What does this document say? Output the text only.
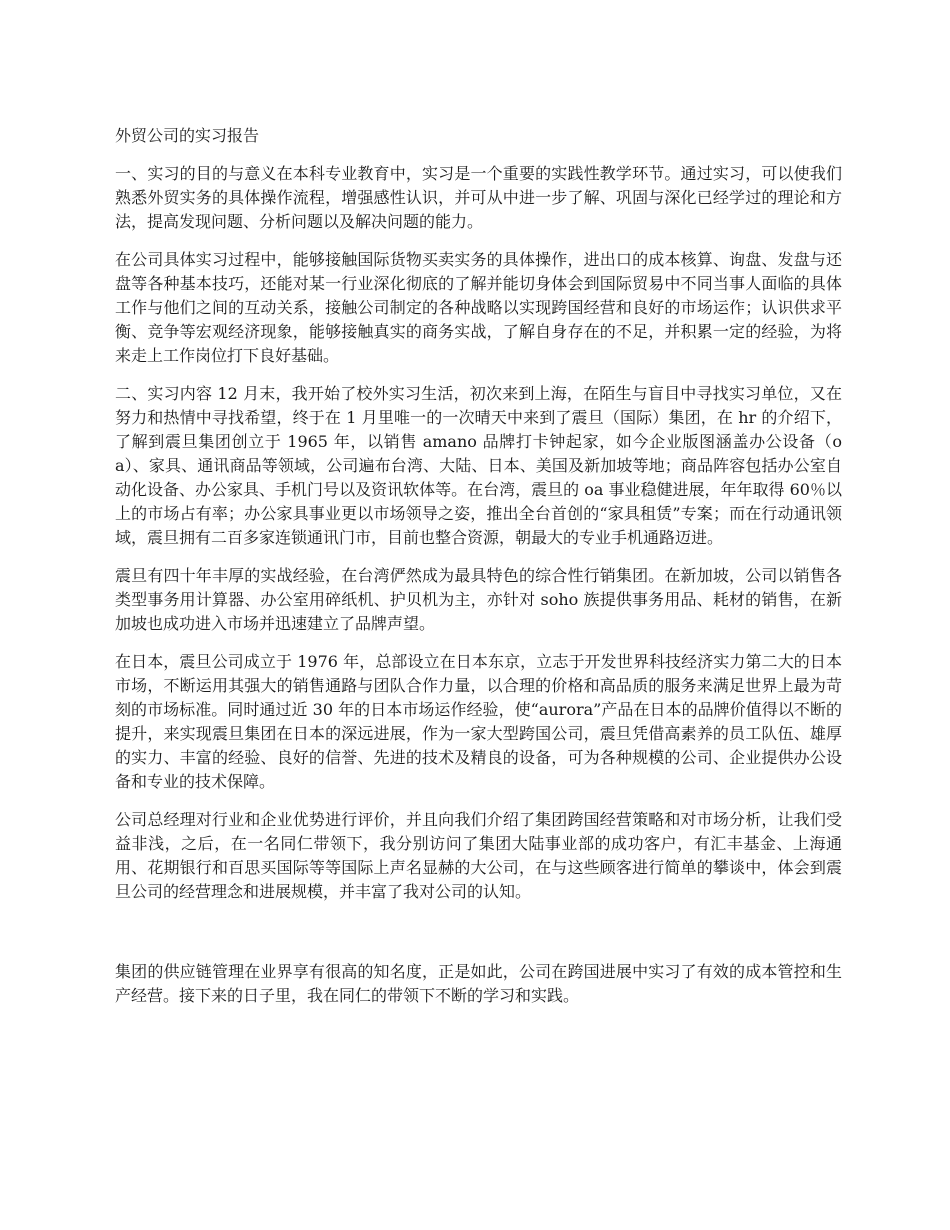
外贸公司的实习报告

一、实习的目的与意义在本科专业教育中，实习是一个重要的实践性教学环节。通过实习，可以使我们熟悉外贸实务的具体操作流程，增强感性认识，并可从中进一步了解、巩固与深化已经学过的理论和方法，提高发现问题、分析问题以及解决问题的能力。

在公司具体实习过程中，能够接触国际货物买卖实务的具体操作，进出口的成本核算、询盘、发盘与还盘等各种基本技巧，还能对某一行业深化彻底的了解并能切身体会到国际贸易中不同当事人面临的具体工作与他们之间的互动关系，接触公司制定的各种战略以实现跨国经营和良好的市场运作；认识供求平衡、竞争等宏观经济现象，能够接触真实的商务实战，了解自身存在的不足，并积累一定的经验，为将来走上工作岗位打下良好基础。

二、实习内容 12 月末，我开始了校外实习生活，初次来到上海，在陌生与盲目中寻找实习单位，又在努力和热情中寻找希望，终于在 1 月里唯一的一次晴天中来到了震旦（国际）集团，在 hr 的介绍下，了解到震旦集团创立于 1965 年，以销售 amano 品牌打卡钟起家，如今企业版图涵盖办公设备（oa）、家具、通讯商品等领域，公司遍布台湾、大陆、日本、美国及新加坡等地；商品阵容包括办公室自动化设备、办公家具、手机门号以及资讯软体等。在台湾，震旦的 oa 事业稳健进展，年年取得 60％以上的市场占有率；办公家具事业更以市场领导之姿，推出全台首创的“家具租赁”专案；而在行动通讯领域，震旦拥有二百多家连锁通讯门市，目前也整合资源，朝最大的专业手机通路迈进。

震旦有四十年丰厚的实战经验，在台湾俨然成为最具特色的综合性行销集团。在新加坡，公司以销售各类型事务用计算器、办公室用碎纸机、护贝机为主，亦针对 soho 族提供事务用品、耗材的销售，在新加坡也成功进入市场并迅速建立了品牌声望。

在日本，震旦公司成立于 1976 年，总部设立在日本东京，立志于开发世界科技经济实力第二大的日本市场，不断运用其强大的销售通路与团队合作力量，以合理的价格和高品质的服务来满足世界上最为苛刻的市场标准。同时通过近 30 年的日本市场运作经验，使“aurora”产品在日本的品牌价值得以不断的提升，来实现震旦集团在日本的深远进展，作为一家大型跨国公司，震旦凭借高素养的员工队伍、雄厚的实力、丰富的经验、良好的信誉、先进的技术及精良的设备，可为各种规模的公司、企业提供办公设备和专业的技术保障。

公司总经理对行业和企业优势进行评价，并且向我们介绍了集团跨国经营策略和对市场分析，让我们受益非浅，之后，在一名同仁带领下，我分别访问了集团大陆事业部的成功客户，有汇丰基金、上海通用、花期银行和百思买国际等等国际上声名显赫的大公司，在与这些顾客进行简单的攀谈中，体会到震旦公司的经营理念和进展规模，并丰富了我对公司的认知。

集团的供应链管理在业界享有很高的知名度，正是如此，公司在跨国进展中实习了有效的成本管控和生产经营。接下来的日子里，我在同仁的带领下不断的学习和实践。
